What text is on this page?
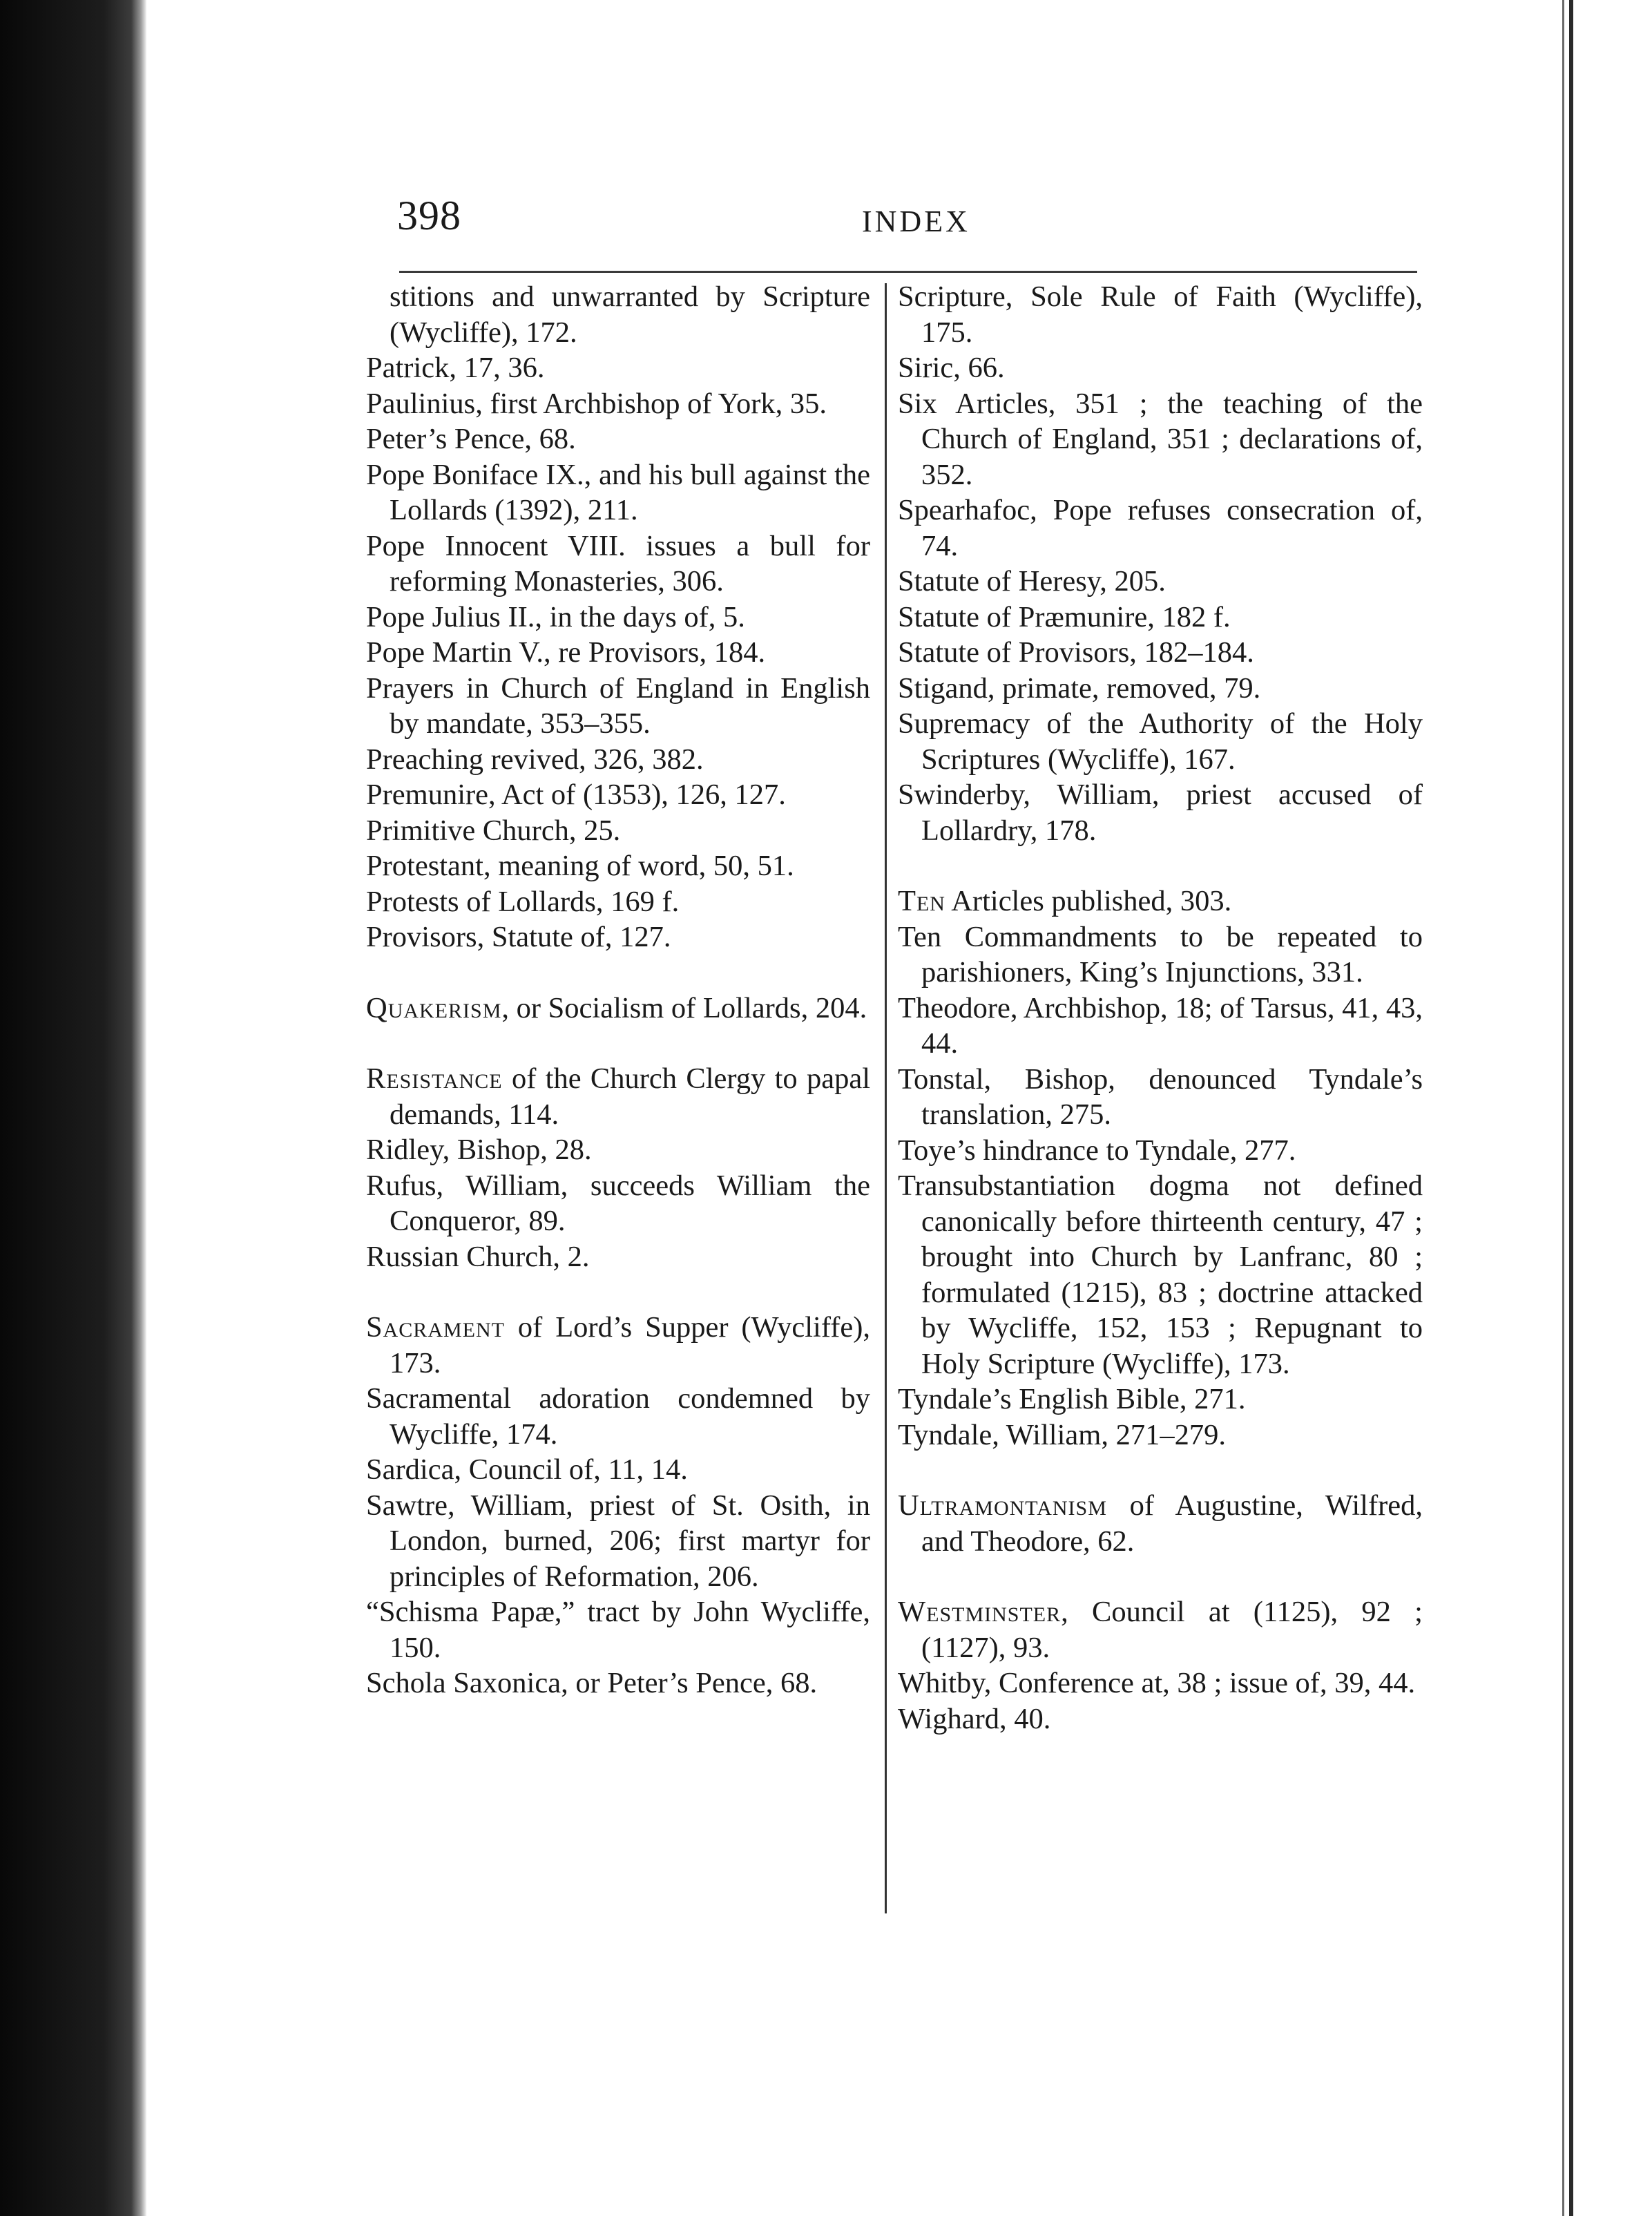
398	INDEX
stitions and unwarranted by Scripture (Wycliffe), 172.
Patrick, 17, 36.
Paulinius, first Archbishop of York, 35.
Peter’s Pence, 68.
Pope Boniface IX., and his bull against the Lollards (1392), 211.
Pope Innocent VIII. issues a bull for reforming Monasteries, 306.
Pope Julius II., in the days of, 5.
Pope Martin V., re Provisors, 184.
Prayers in Church of England in English by mandate, 353–355.
Preaching revived, 326, 382.
Premunire, Act of (1353), 126, 127.
Primitive Church, 25.
Protestant, meaning of word, 50, 51.
Protests of Lollards, 169 f.
Provisors, Statute of, 127.
Quakerism, or Socialism of Lollards, 204.
Resistance of the Church Clergy to papal demands, 114.
Ridley, Bishop, 28.
Rufus, William, succeeds William the Conqueror, 89.
Russian Church, 2.
Sacrament of Lord’s Supper (Wycliffe), 173.
Sacramental adoration condemned by Wycliffe, 174.
Sardica, Council of, 11, 14.
Sawtre, William, priest of St. Osith, in London, burned, 206; first martyr for principles of Reformation, 206.
“Schisma Papæ,” tract by John Wycliffe, 150.
Schola Saxonica, or Peter’s Pence, 68.
Scripture, Sole Rule of Faith (Wycliffe), 175.
Siric, 66.
Six Articles, 351 ; the teaching of the Church of England, 351 ; declarations of, 352.
Spearhafoc, Pope refuses consecration of, 74.
Statute of Heresy, 205.
Statute of Præmunire, 182 f.
Statute of Provisors, 182–184.
Stigand, primate, removed, 79.
Supremacy of the Authority of the Holy Scriptures (Wycliffe), 167.
Swinderby, William, priest accused of Lollardry, 178.
Ten Articles published, 303.
Ten Commandments to be repeated to parishioners, King’s Injunctions, 331.
Theodore, Archbishop, 18; of Tarsus, 41, 43, 44.
Tonstal, Bishop, denounced Tyndale’s translation, 275.
Toye’s hindrance to Tyndale, 277.
Transubstantiation dogma not defined canonically before thirteenth century, 47 ; brought into Church by Lanfranc, 80 ; formulated (1215), 83 ; doctrine attacked by Wycliffe, 152, 153 ; Repugnant to Holy Scripture (Wycliffe), 173.
Tyndale’s English Bible, 271.
Tyndale, William, 271–279.
Ultramontanism of Augustine, Wilfred, and Theodore, 62.
Westminster, Council at (1125), 92 ; (1127), 93.
Whitby, Conference at, 38 ; issue of, 39, 44.
Wighard, 40.
